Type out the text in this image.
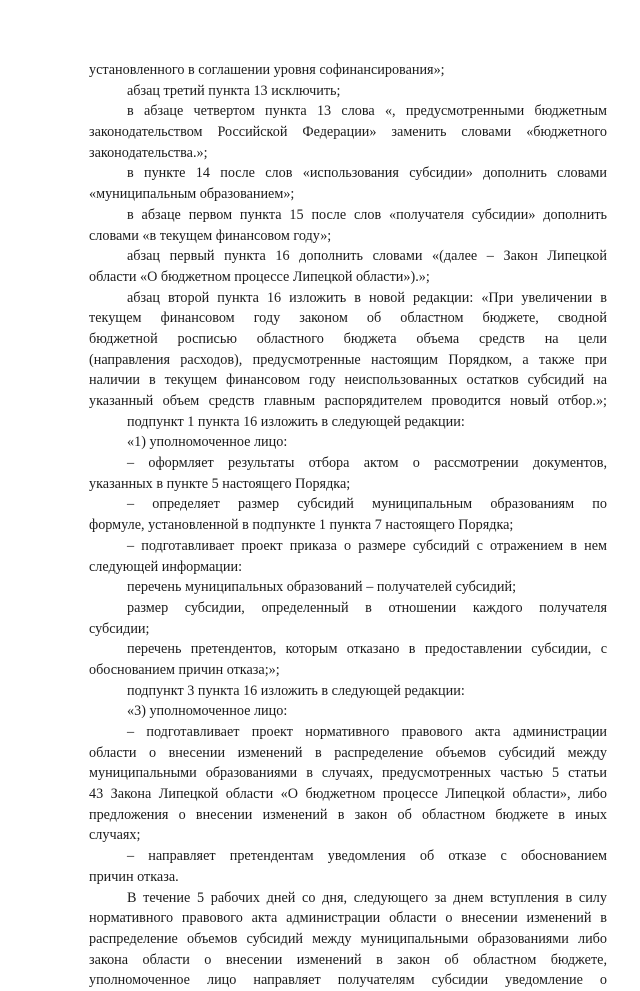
установленного в соглашении уровня софинансирования»;
абзац третий пункта 13 исключить;
в абзаце четвертом пункта 13 слова «, предусмотренными бюджетным
законодательством Российской Федерации» заменить словами «бюджетного
законодательства.»;
в пункте 14 после слов «использования субсидии» дополнить словами
«муниципальным образованием»;
в абзаце первом пункта 15 после слов «получателя субсидии» дополнить
словами «в текущем финансовом году»;
абзац первый пункта 16 дополнить словами «(далее – Закон Липецкой
области «О бюджетном процессе Липецкой области»).»;
абзац второй пункта 16 изложить в новой редакции: «При увеличении в
текущем финансовом году законом об областном бюджете, сводной
бюджетной росписью областного бюджета объема средств на цели
(направления расходов), предусмотренные настоящим Порядком, а также при
наличии в текущем финансовом году неиспользованных остатков субсидий на
указанный объем средств главным распорядителем проводится новый отбор.»;
подпункт 1 пункта 16 изложить в следующей редакции:
«1) уполномоченное лицо:
– оформляет результаты отбора актом о рассмотрении документов,
указанных в пункте 5 настоящего Порядка;
– определяет размер субсидий муниципальным образованиям по
формуле, установленной в подпункте 1 пункта 7 настоящего Порядка;
– подготавливает проект приказа о размере субсидий с отражением в нем
следующей информации:
перечень муниципальных образований – получателей субсидий;
размер субсидии, определенный в отношении каждого получателя
субсидии;
перечень претендентов, которым отказано в предоставлении субсидии, с
обоснованием причин отказа;»;
подпункт 3 пункта 16 изложить в следующей редакции:
«3) уполномоченное лицо:
– подготавливает проект нормативного правового акта администрации
области о внесении изменений в распределение объемов субсидий между
муниципальными образованиями в случаях, предусмотренных частью 5 статьи
43 Закона Липецкой области «О бюджетном процессе Липецкой области», либо
предложения о внесении изменений в закон об областном бюджете в иных
случаях;
– направляет претендентам уведомления об отказе с обоснованием
причин отказа.
В течение 5 рабочих дней со дня, следующего за днем вступления в силу
нормативного правового акта администрации области о внесении изменений в
распределение объемов субсидий между муниципальными образованиями либо
закона области о внесении изменений в закон об областном бюджете,
уполномоченное лицо направляет получателям субсидии уведомление о
